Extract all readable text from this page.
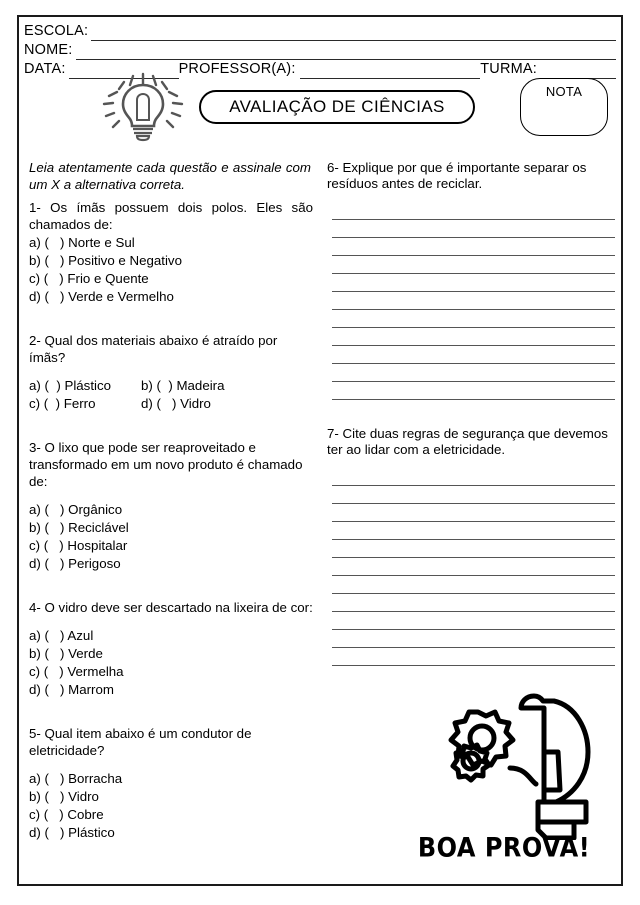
ESCOLA:
NOME:
DATA:	PROFESSOR(A):	TURMA:
AVALIAÇÃO DE CIÊNCIAS
NOTA

Leia atentamente cada questão e assinale com um X a alternativa correta.

1- Os ímãs possuem dois polos. Eles são chamados de:

a) (   ) Norte e Sul
b) (   ) Positivo e Negativo
c) (   ) Frio e Quente
d) (   ) Verde e Vermelho

2- Qual dos materiais abaixo é atraído por ímãs?

a) (  ) Plástico	b) (  ) Madeira
c) (  ) Ferro	d) (   ) Vidro

3- O lixo que pode ser reaproveitado e transformado em um novo produto é chamado de:

a) (   ) Orgânico
b) (   ) Reciclável
c) (   ) Hospitalar
d) (   ) Perigoso

4- O vidro deve ser descartado na lixeira de cor:

a) (   ) Azul
b) (   ) Verde
c) (   ) Vermelha
d) (   ) Marrom

5- Qual item abaixo é um condutor de eletricidade?

a) (   ) Borracha
b) (   ) Vidro
c) (   ) Cobre
d) (   ) Plástico

6- Explique por que é importante separar os resíduos antes de reciclar.

7- Cite duas regras de segurança que devemos ter ao lidar com a eletricidade.

BOA PROVA!
